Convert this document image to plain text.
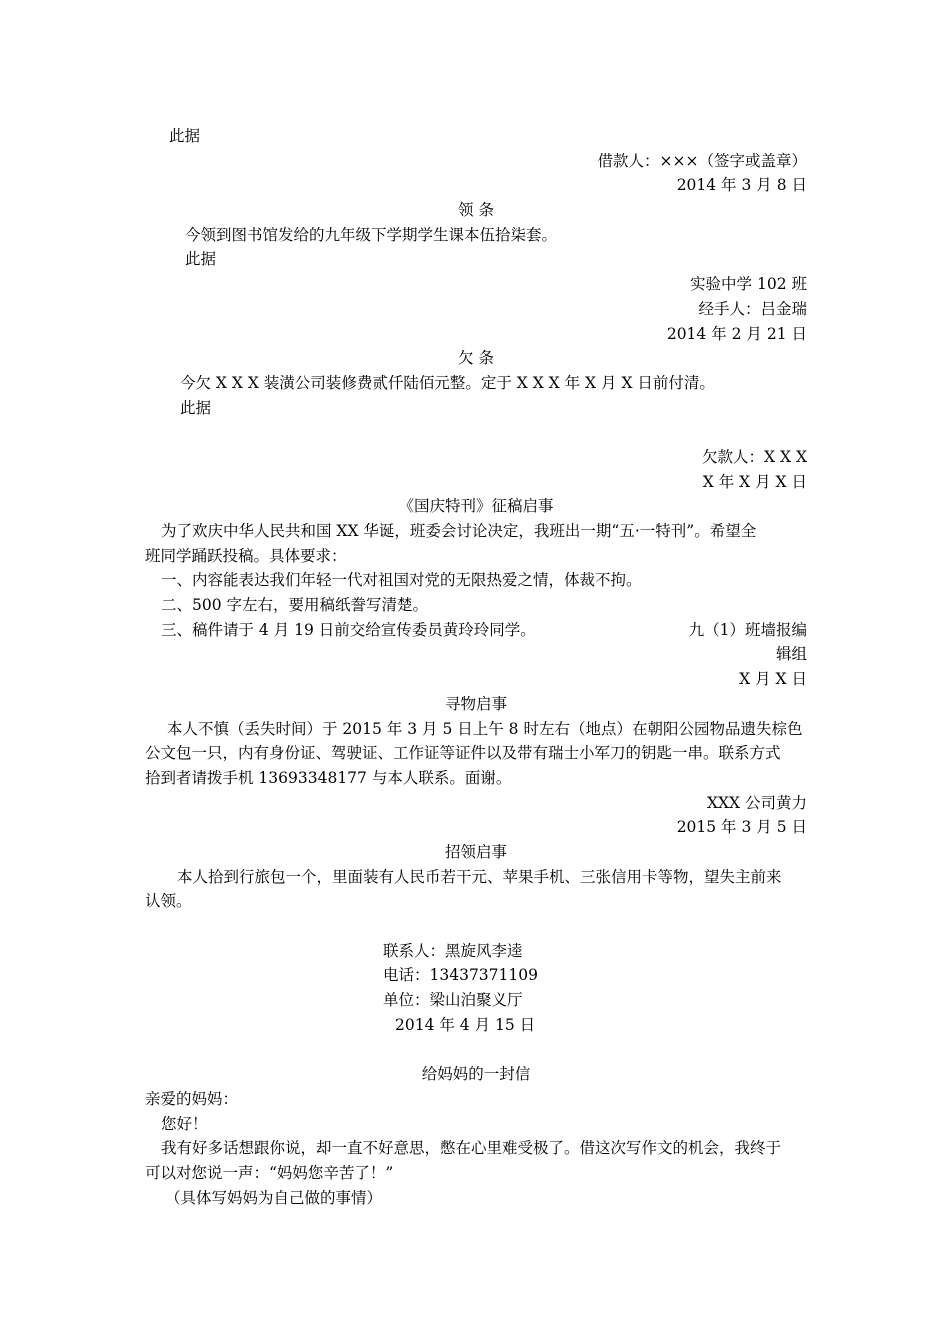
此据
借款人：×××（签字或盖章）
2014 年 3 月 8 日
领 条
今领到图书馆发给的九年级下学期学生课本伍拾柒套。
此据
实验中学 102 班
经手人：吕金瑞
2014 年 2 月 21 日
欠 条
今欠 X X X 装潢公司装修费贰仟陆佰元整。定于 X X X 年 X 月 X 日前付清。
此据
欠款人：X X X
X 年 X 月 X 日
《国庆特刊》征稿启事
为了欢庆中华人民共和国 XX 华诞，班委会讨论决定，我班出一期“五·一特刊”。希望全
班同学踊跃投稿。具体要求：
一、内容能表达我们年轻一代对祖国对党的无限热爱之情，体裁不拘。
二、500 字左右，要用稿纸誊写清楚。
三、稿件请于 4 月 19 日前交给宣传委员黄玲玲同学。	九（1）班墙报编
辑组
X 月 X 日
寻物启事
本人不慎（丢失时间）于 2015 年 3 月 5 日上午 8 时左右（地点）在朝阳公园物品遗失棕色
公文包一只，内有身份证、驾驶证、工作证等证件以及带有瑞士小军刀的钥匙一串。联系方式
拾到者请拨手机 13693348177 与本人联系。面谢。
XXX 公司黄力
2015 年 3 月 5 日
招领启事
本人拾到行旅包一个，里面装有人民币若干元、苹果手机、三张信用卡等物，望失主前来
认领。
联系人：黑旋风李逵
电话：13437371109
单位：梁山泊聚义厅
2014 年 4 月 15 日
给妈妈的一封信
亲爱的妈妈：
您好！
我有好多话想跟你说，却一直不好意思，憋在心里难受极了。借这次写作文的机会，我终于
可以对您说一声：“妈妈您辛苦了！”
（具体写妈妈为自己做的事情）
